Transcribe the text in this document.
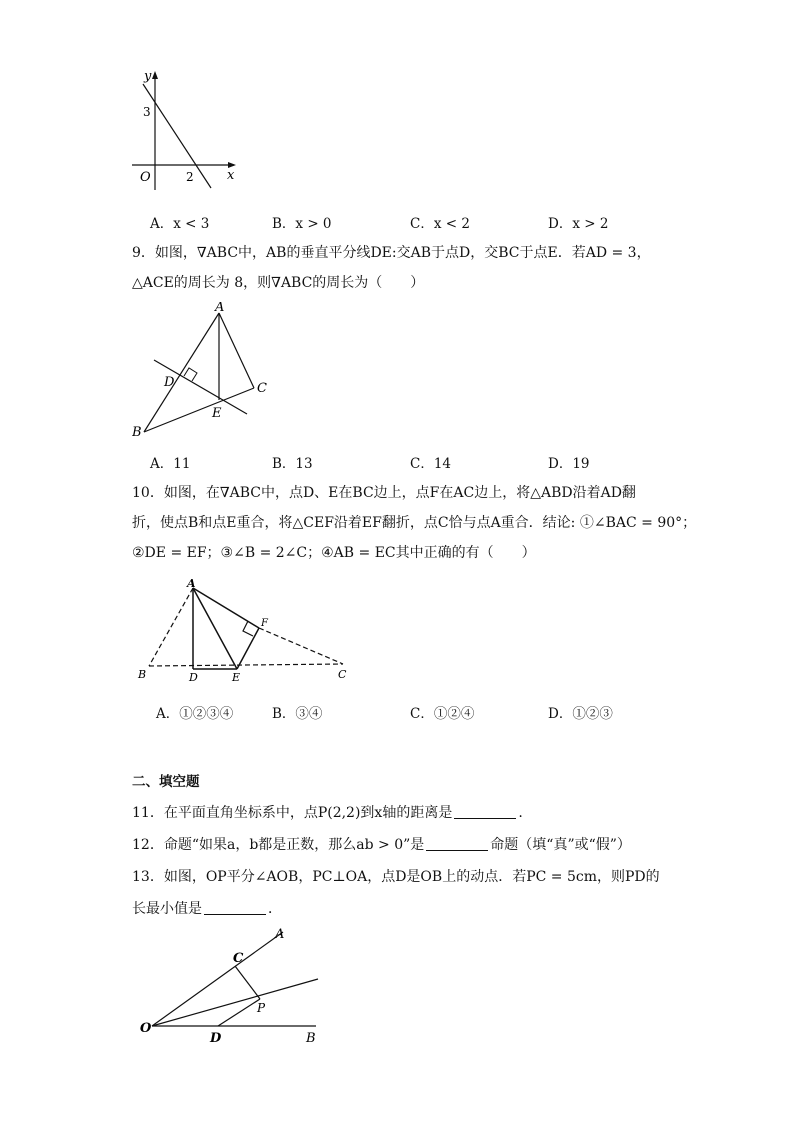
y
x
O
3
2
A．x < 3	B．x > 0	C．x < 2	D．x > 2
9．如图，∇ABC中，AB的垂直平分线DE:交AB于点D，交BC于点E．若AD = 3，
△ACE的周长为 8，则∇ABC的周长为（　　）
A
B
C
D
E
A．11	B．13	C．14	D．19
10．如图，在∇ABC中，点D、E在BC边上，点F在AC边上，将△ABD沿着AD翻
折，使点B和点E重合，将△CEF沿着EF翻折，点C恰与点A重合．结论: ①∠BAC = 90°；
②DE = EF；③∠B = 2∠C；④AB = EC其中正确的有（　　）
A
B	C
D	E
F
A．①②③④	B．③④	C．①②④	D．①②③
二、填空题
11．在平面直角坐标系中，点P(2,2)到x轴的距离是	.
12．命题“如果a，b都是正数，那么ab > 0”是	命题（填“真”或“假”）
13．如图，OP平分∠AOB，PC⊥OA，点D是OB上的动点．若PC = 5cm，则PD的
长最小值是	．
O
A
B
C
D
P
